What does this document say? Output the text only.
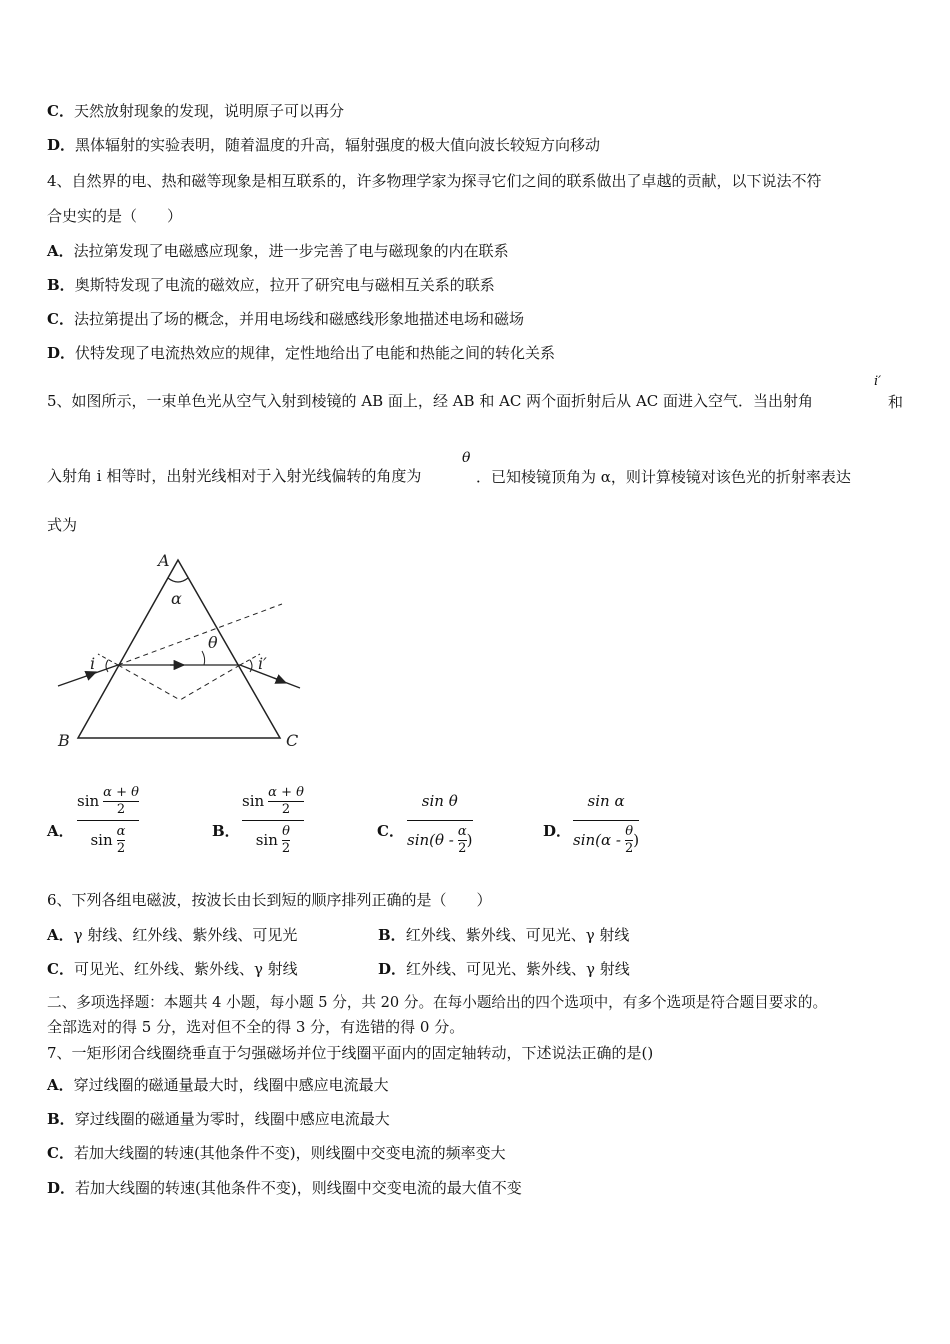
C．天然放射现象的发现，说明原子可以再分
D．黑体辐射的实验表明，随着温度的升高，辐射强度的极大值向波长较短方向移动
4、自然界的电、热和磁等现象是相互联系的，许多物理学家为探寻它们之间的联系做出了卓越的贡献，以下说法不符
合史实的是（　　）
A．法拉第发现了电磁感应现象，进一步完善了电与磁现象的内在联系
B．奥斯特发现了电流的磁效应，拉开了研究电与磁相互关系的联系
C．法拉第提出了场的概念，并用电场线和磁感线形象地描述电场和磁场
D．伏特发现了电流热效应的规律，定性地给出了电能和热能之间的转化关系
5、如图所示，一束单色光从空气入射到棱镜的 AB 面上，经 AB 和 AC 两个面折射后从 AC 面进入空气．当出射角
i′
和
入射角 i 相等时，出射光线相对于入射光线偏转的角度为
θ
．已知棱镜顶角为 α，则计算棱镜对该色光的折射率表达
式为
A
B	C
α
θ
i	i′
A．
$\sin \frac{\alpha + \theta}{2}$
$\sin \frac{\alpha}{2}$	B．
$\sin \frac{\alpha + \theta}{2}$
$\sin \frac{\theta}{2}$	C．
sin θ
$\sin(\theta - \frac{\alpha}{2}$ )	D．
sin α
$\sin(\alpha - \frac{\theta}{2}$ )
6、下列各组电磁波，按波长由长到短的顺序排列正确的是（　　）
A．γ 射线、红外线、紫外线、可见光	B．红外线、紫外线、可见光、γ 射线
C．可见光、红外线、紫外线、γ 射线	D．红外线、可见光、紫外线、γ 射线
二、多项选择题：本题共 4 小题，每小题 5 分，共 20 分。在每小题给出的四个选项中，有多个选项是符合题目要求的。
全部选对的得 5 分，选对但不全的得 3 分，有选错的得 0 分。
7、一矩形闭合线圈绕垂直于匀强磁场并位于线圈平面内的固定轴转动，下述说法正确的是()
A．穿过线圈的磁通量最大时，线圈中感应电流最大
B．穿过线圈的磁通量为零时，线圈中感应电流最大
C．若加大线圈的转速(其他条件不变)，则线圈中交变电流的频率变大
D．若加大线圈的转速(其他条件不变)，则线圈中交变电流的最大值不变
